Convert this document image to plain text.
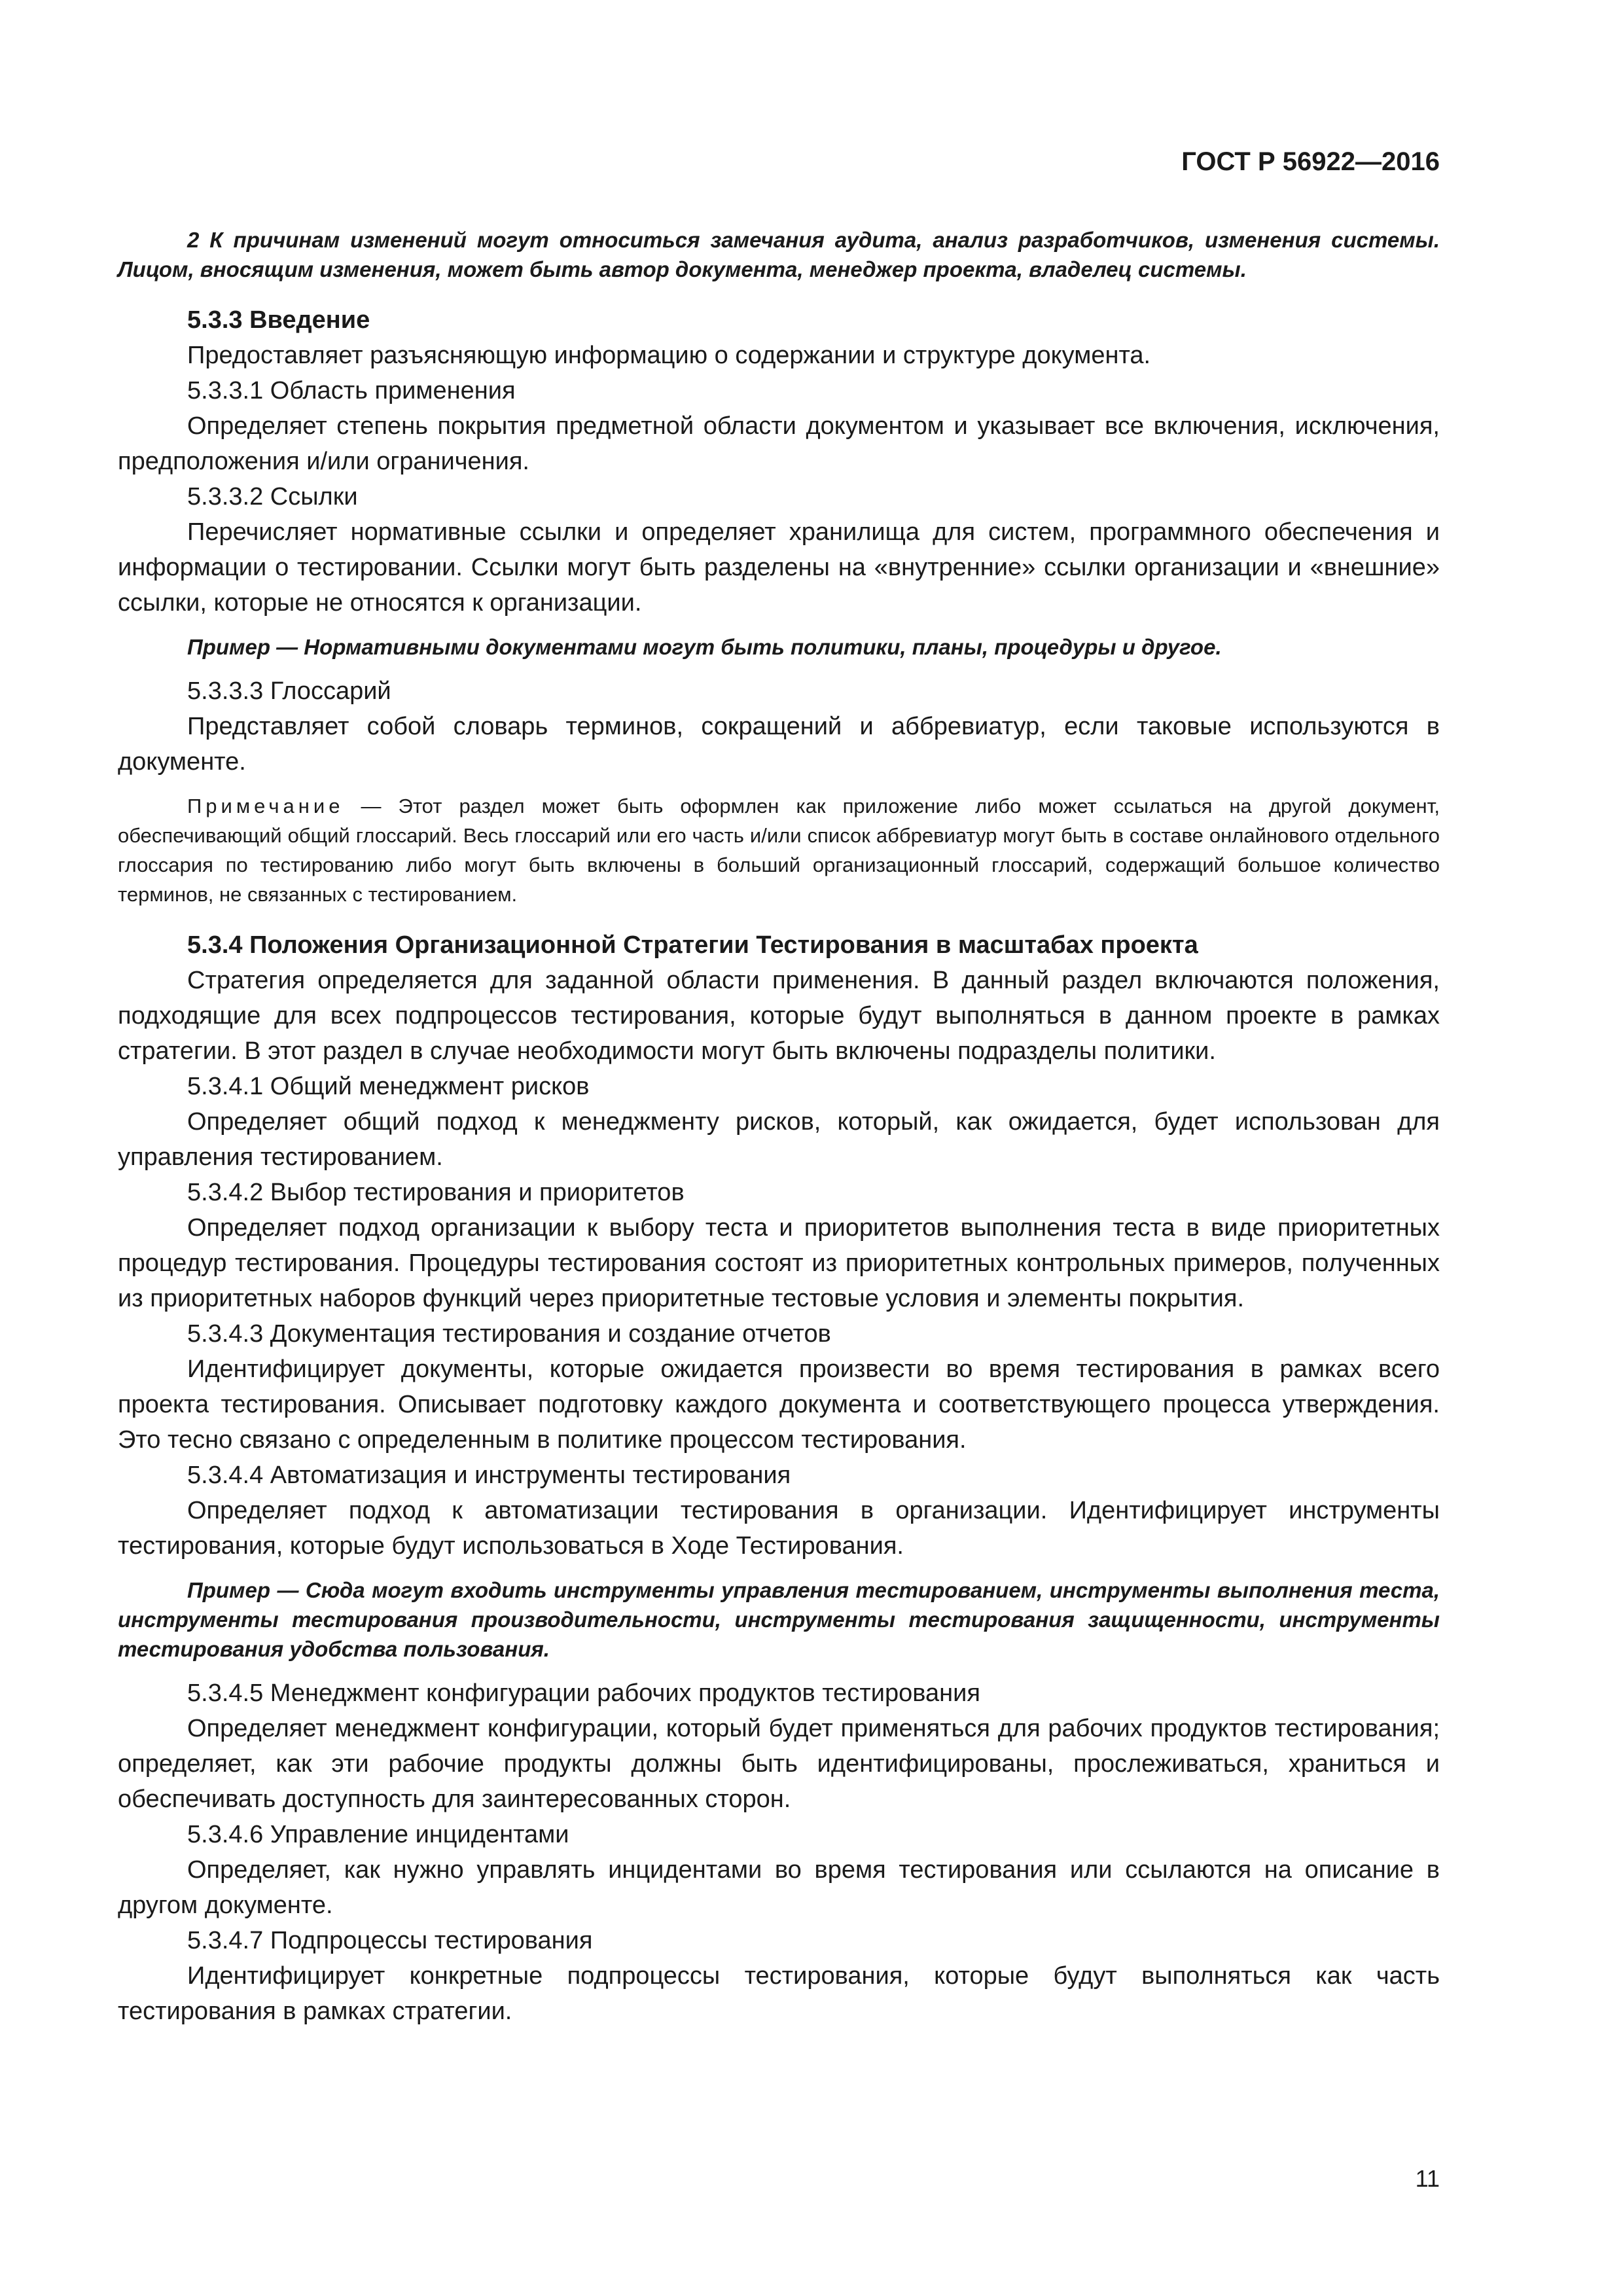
ГОСТ Р 56922—2016
2 К причинам изменений могут относиться замечания аудита, анализ разработчиков, изменения системы. Лицом, вносящим изменения, может быть автор документа, менеджер проекта, владелец системы.
5.3.3 Введение
Предоставляет разъясняющую информацию о содержании и структуре документа.
5.3.3.1 Область применения
Определяет степень покрытия предметной области документом и указывает все включения, исключения, предположения и/или ограничения.
5.3.3.2 Ссылки
Перечисляет нормативные ссылки и определяет хранилища для систем, программного обеспечения и информации о тестировании. Ссылки могут быть разделены на «внутренние» ссылки организации и «внешние» ссылки, которые не относятся к организации.
Пример — Нормативными документами могут быть политики, планы, процедуры и другое.
5.3.3.3 Глоссарий
Представляет собой словарь терминов, сокращений и аббревиатур, если таковые используются в документе.
Примечание — Этот раздел может быть оформлен как приложение либо может ссылаться на другой документ, обеспечивающий общий глоссарий. Весь глоссарий или его часть и/или список аббревиатур могут быть в составе онлайнового отдельного глоссария по тестированию либо могут быть включены в больший организационный глоссарий, содержащий большое количество терминов, не связанных с тестированием.
5.3.4 Положения Организационной Стратегии Тестирования в масштабах проекта
Стратегия определяется для заданной области применения. В данный раздел включаются положения, подходящие для всех подпроцессов тестирования, которые будут выполняться в данном проекте в рамках стратегии. В этот раздел в случае необходимости могут быть включены подразделы политики.
5.3.4.1 Общий менеджмент рисков
Определяет общий подход к менеджменту рисков, который, как ожидается, будет использован для управления тестированием.
5.3.4.2 Выбор тестирования и приоритетов
Определяет подход организации к выбору теста и приоритетов выполнения теста в виде приоритетных процедур тестирования. Процедуры тестирования состоят из приоритетных контрольных примеров, полученных из приоритетных наборов функций через приоритетные тестовые условия и элементы покрытия.
5.3.4.3 Документация тестирования и создание отчетов
Идентифицирует документы, которые ожидается произвести во время тестирования в рамках всего проекта тестирования. Описывает подготовку каждого документа и соответствующего процесса утверждения. Это тесно связано с определенным в политике процессом тестирования.
5.3.4.4 Автоматизация и инструменты тестирования
Определяет подход к автоматизации тестирования в организации. Идентифицирует инструменты тестирования, которые будут использоваться в Ходе Тестирования.
Пример — Сюда могут входить инструменты управления тестированием, инструменты выполнения теста, инструменты тестирования производительности, инструменты тестирования защищенности, инструменты тестирования удобства пользования.
5.3.4.5 Менеджмент конфигурации рабочих продуктов тестирования
Определяет менеджмент конфигурации, который будет применяться для рабочих продуктов тестирования; определяет, как эти рабочие продукты должны быть идентифицированы, прослеживаться, храниться и обеспечивать доступность для заинтересованных сторон.
5.3.4.6 Управление инцидентами
Определяет, как нужно управлять инцидентами во время тестирования или ссылаются на описание в другом документе.
5.3.4.7 Подпроцессы тестирования
Идентифицирует конкретные подпроцессы тестирования, которые будут выполняться как часть тестирования в рамках стратегии.
11
